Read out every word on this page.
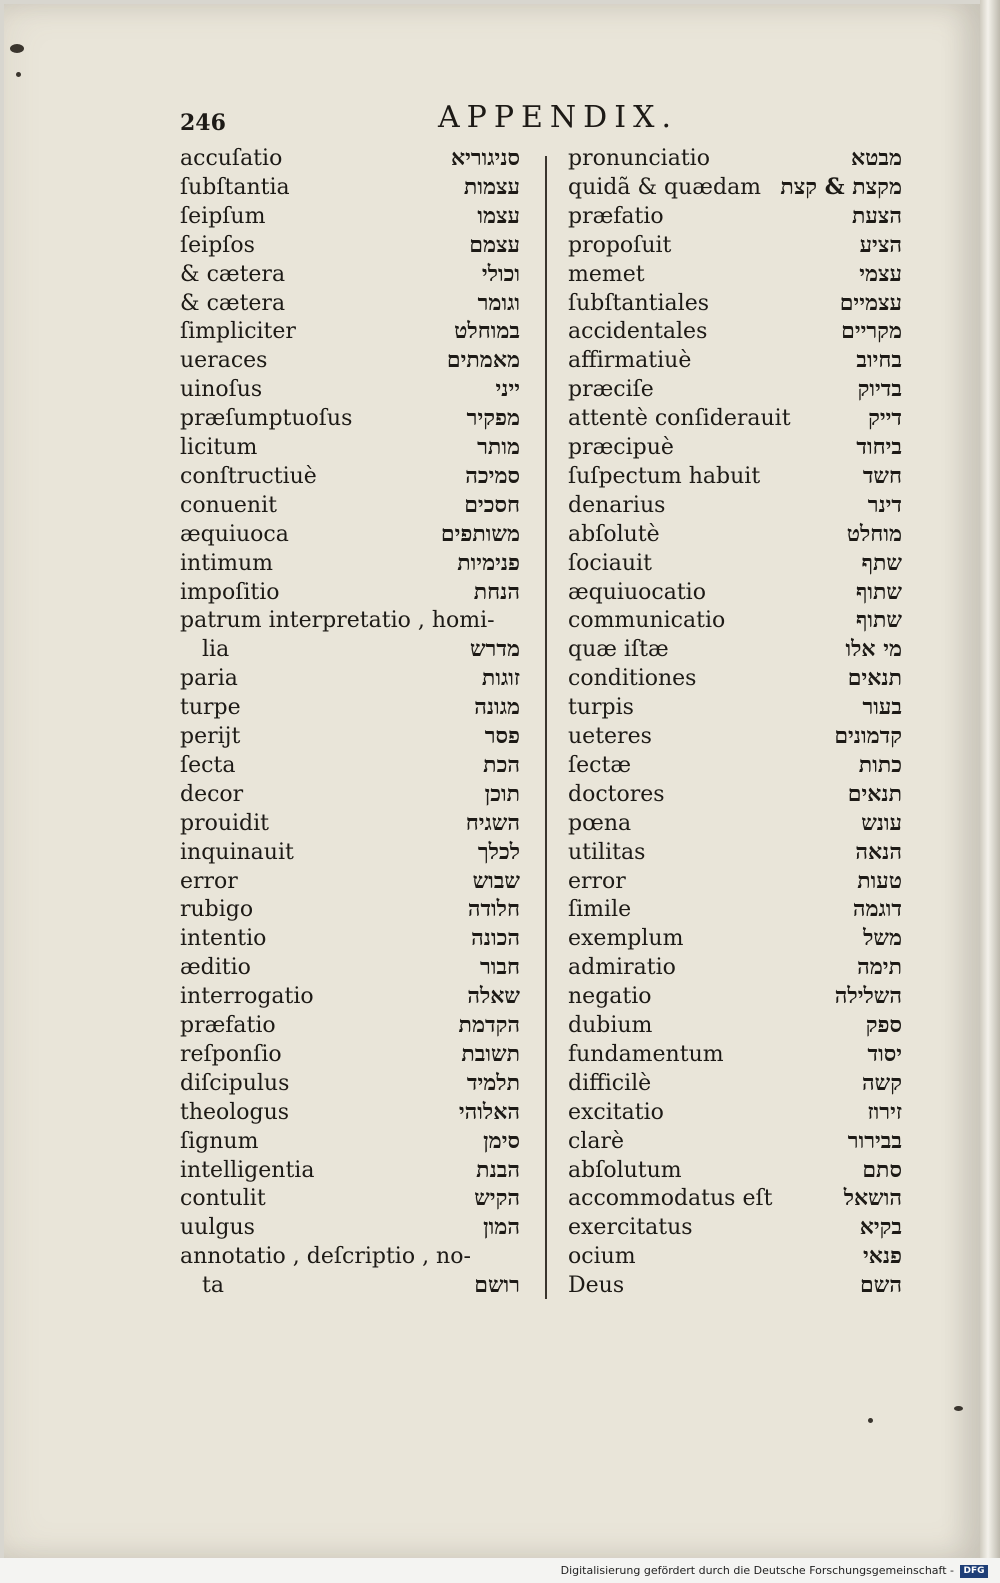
246	APPENDIX.
accuſatio	סניגוריא
ſubſtantia	עצמות
ſeipſum	עצמו
ſeipſos	עצמם
& cætera	וכולי
& cætera	וגומר
ſimpliciter	במוחלט
ueraces	מאמתים
uinoſus	ייני
præſumptuoſus	מפקיר
licitum	מותר
conſtructiuè	סמיכה
conuenit	חסכים
æquiuoca	משותפים
intimum	פנימיות
impoſitio	הנחת
patrum interpretatio , homi-
lia	מדרש
paria	זוגות
turpe	מגונה
perijt	פסר
ſecta	הכת
decor	תוכן
prouidit	השגיח
inquinauit	לכלך
error	שבוש
rubigo	חלודה
intentio	הכונה
æditio	חבור
interrogatio	שאלה
præfatio	הקדמת
reſponſio	תשובת
diſcipulus	תלמיד
theologus	האלוהי
ſignum	סימן
intelligentia	הבנת
contulit	הקיש
uulgus	המון
annotatio , deſcriptio , no-
ta	רושם
pronunciatio	מבטא
quidã & quædam מקצת & קצת
præfatio	הצעת
propoſuit	הציע
memet	עצמי
ſubſtantiales	עצמיים
accidentales	מקריים
affirmatiuè	בחיוב
præciſe	בדיוק
attentè conſiderauit	דייק
præcipuè	ביחוד
ſuſpectum habuit	חשד
denarius	דינר
abſolutè	מוחלט
ſociauit	שתף
æquiuocatio	שתוף
communicatio	שתוף
quæ iſtæ	מי אלו
conditiones	תנאים
turpis	בעור
ueteres	קדמונים
ſectæ	כתות
doctores	תנאים
pœna	עונש
utilitas	הנאה
error	טעות
ſimile	דוגמה
exemplum	משל
admiratio	תימה
negatio	השלילה
dubium	ספק
fundamentum	יסוד
difficilè	קשה
excitatio	זירוז
clarè	בבירור
abſolutum	סתם
accommodatus eſt	הושאל
exercitatus	בקיא
ocium	פנאי
Deus	השם
Digitalisierung gefördert durch die Deutsche Forschungsgemeinschaft -	DFG
